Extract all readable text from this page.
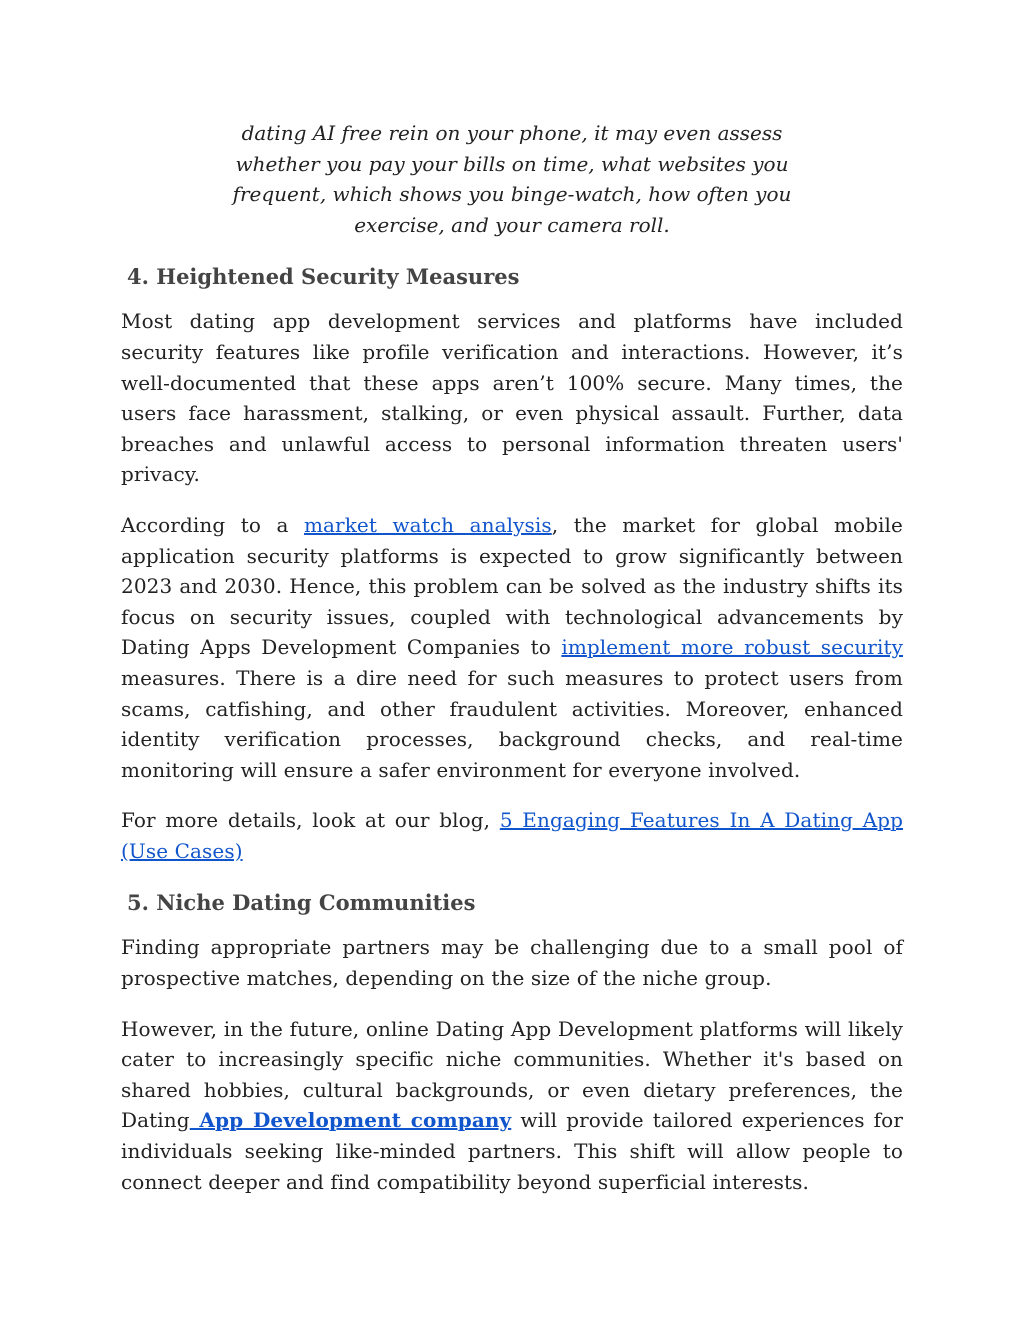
dating AI free rein on your phone, it may even assess whether you pay your bills on time, what websites you frequent, which shows you binge-watch, how often you exercise, and your camera roll.
4. Heightened Security Measures

Most dating app development services and platforms have included security features like profile verification and interactions. However, it’s well-documented that these apps aren’t 100% secure. Many times, the users face harassment, stalking, or even physical assault. Further, data breaches and unlawful access to personal information threaten users' privacy.

According to a market watch analysis, the market for global mobile application security platforms is expected to grow significantly between 2023 and 2030. Hence, this problem can be solved as the industry shifts its focus on security issues, coupled with technological advancements by Dating Apps Development Companies to implement more robust security measures. There is a dire need for such measures to protect users from scams, catfishing, and other fraudulent activities. Moreover, enhanced identity verification processes, background checks, and real-time monitoring will ensure a safer environment for everyone involved.

For more details, look at our blog, 5 Engaging Features In A Dating App (Use Cases)

5. Niche Dating Communities

Finding appropriate partners may be challenging due to a small pool of prospective matches, depending on the size of the niche group.

However, in the future, online Dating App Development platforms will likely cater to increasingly specific niche communities. Whether it's based on shared hobbies, cultural backgrounds, or even dietary preferences, the Dating App Development company will provide tailored experiences for individuals seeking like-minded partners. This shift will allow people to connect deeper and find compatibility beyond superficial interests.
